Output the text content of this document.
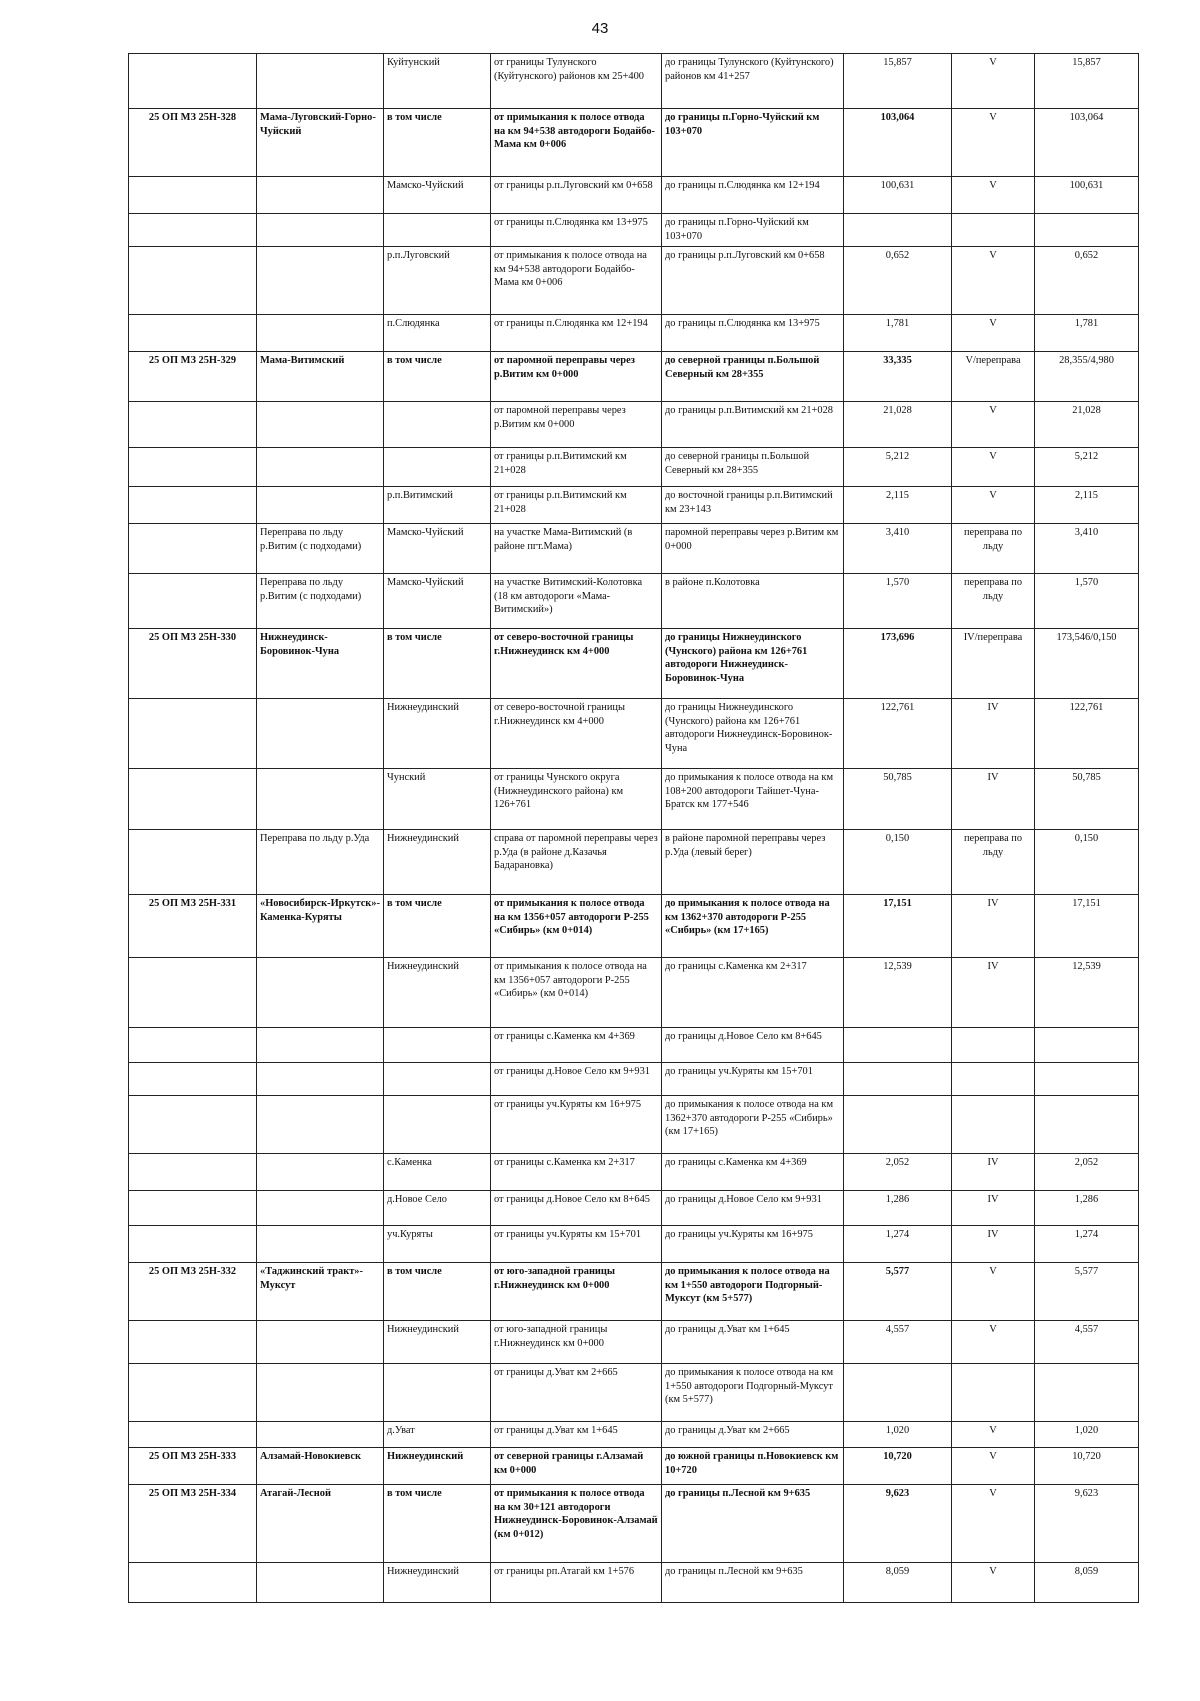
43
		Куйтунский	от границы Тулунского (Куйтунского) районов км 25+400	до границы Тулунского (Куйтунского) районов км 41+257	15,857	V	15,857
25 ОП МЗ 25Н-328	Мама-Луговский-Горно-Чуйский	в том числе	от примыкания к полосе отвода на км 94+538 автодороги Бодайбо-Мама км 0+006	до границы п.Горно-Чуйский км 103+070	103,064	V	103,064
		Мамско-Чуйский	от границы р.п.Луговский км 0+658	до границы п.Слюдянка км 12+194	100,631	V	100,631
			от границы п.Слюдянка км 13+975	до границы п.Горно-Чуйский км 103+070			
		р.п.Луговский	от примыкания к полосе отвода на км 94+538 автодороги Бодайбо-Мама км 0+006	до границы р.п.Луговский км 0+658	0,652	V	0,652
		п.Слюдянка	от границы п.Слюдянка км 12+194	до границы п.Слюдянка км 13+975	1,781	V	1,781
25 ОП МЗ 25Н-329	Мама-Витимский	в том числе	от паромной переправы через р.Витим км 0+000	до северной границы п.Большой Северный км 28+355	33,335	V/переправа	28,355/4,980
			от паромной переправы через р.Витим км 0+000	до границы р.п.Витимский км 21+028	21,028	V	21,028
			от границы р.п.Витимский км 21+028	до северной границы п.Большой Северный км 28+355	5,212	V	5,212
		р.п.Витимский	от границы р.п.Витимский км 21+028	до восточной границы р.п.Витимский км 23+143	2,115	V	2,115
	Переправа по льду р.Витим (с подходами)	Мамско-Чуйский	на участке Мама-Витимский (в районе пгт.Мама)	паромной переправы через р.Витим км 0+000	3,410	переправа по льду	3,410
	Переправа по льду р.Витим (с подходами)	Мамско-Чуйский	на участке Витимский-Колотовка (18 км автодороги «Мама-Витимский»)	в районе п.Колотовка	1,570	переправа по льду	1,570
25 ОП МЗ 25Н-330	Нижнеудинск-Боровинок-Чуна	в том числе	от северо-восточной границы г.Нижнеудинск км 4+000	до границы Нижнеудинского (Чунского) района км 126+761 автодороги Нижнеудинск-Боровинок-Чуна	173,696	IV/переправа	173,546/0,150
		Нижнеудинский	от северо-восточной границы г.Нижнеудинск км 4+000	до границы Нижнеудинского (Чунского) района км 126+761 автодороги Нижнеудинск-Боровинок-Чуна	122,761	IV	122,761
		Чунский	от границы Чунского округа (Нижнеудинского района) км 126+761	до примыкания к полосе отвода на км 108+200 автодороги Тайшет-Чуна-Братск км 177+546	50,785	IV	50,785
	Переправа по льду р.Уда	Нижнеудинский	справа от паромной переправы через р.Уда (в районе д.Казачья Бадарановка)	в районе паромной переправы через р.Уда (левый берег)	0,150	переправа по льду	0,150
25 ОП МЗ 25Н-331	«Новосибирск-Иркутск»-Каменка-Куряты	в том числе	от примыкания к полосе отвода на км 1356+057 автодороги Р-255 «Сибирь» (км 0+014)	до примыкания к полосе отвода на км 1362+370 автодороги Р-255 «Сибирь» (км 17+165)	17,151	IV	17,151
		Нижнеудинский	от примыкания к полосе отвода на км 1356+057 автодороги Р-255 «Сибирь» (км 0+014)	до границы с.Каменка км 2+317	12,539	IV	12,539
			от границы с.Каменка км 4+369	до границы д.Новое Село км 8+645			
			от границы д.Новое Село км 9+931	до границы уч.Куряты км 15+701			
			от границы уч.Куряты км 16+975	до примыкания к полосе отвода на км 1362+370 автодороги Р-255 «Сибирь» (км 17+165)			
		с.Каменка	от границы с.Каменка км 2+317	до границы с.Каменка км 4+369	2,052	IV	2,052
		д.Новое Село	от границы д.Новое Село км 8+645	до границы д.Новое Село км 9+931	1,286	IV	1,286
		уч.Куряты	от границы уч.Куряты км 15+701	до границы уч.Куряты км 16+975	1,274	IV	1,274
25 ОП МЗ 25Н-332	«Таджинский тракт»-Муксут	в том числе	от юго-западной границы г.Нижнеудинск км 0+000	до примыкания к полосе отвода на км 1+550 автодороги Подгорный-Муксут (км 5+577)	5,577	V	5,577
		Нижнеудинский	от юго-западной границы г.Нижнеудинск км 0+000	до границы д.Уват км 1+645	4,557	V	4,557
			от границы д.Уват км 2+665	до примыкания к полосе отвода на км 1+550 автодороги Подгорный-Муксут (км 5+577)			
		д.Уват	от границы д.Уват км 1+645	до границы д.Уват км 2+665	1,020	V	1,020
25 ОП МЗ 25Н-333	Алзамай-Новокиевск	Нижнеудинский	от северной границы г.Алзамай км 0+000	до южной границы п.Новокиевск км 10+720	10,720	V	10,720
25 ОП МЗ 25Н-334	Атагай-Лесной	в том числе	от примыкания к полосе отвода на км 30+121 автодороги Нижнеудинск-Боровинок-Алзамай (км 0+012)	до границы п.Лесной км 9+635	9,623	V	9,623
		Нижнеудинский	от границы рп.Атагай км 1+576	до границы п.Лесной км 9+635	8,059	V	8,059
